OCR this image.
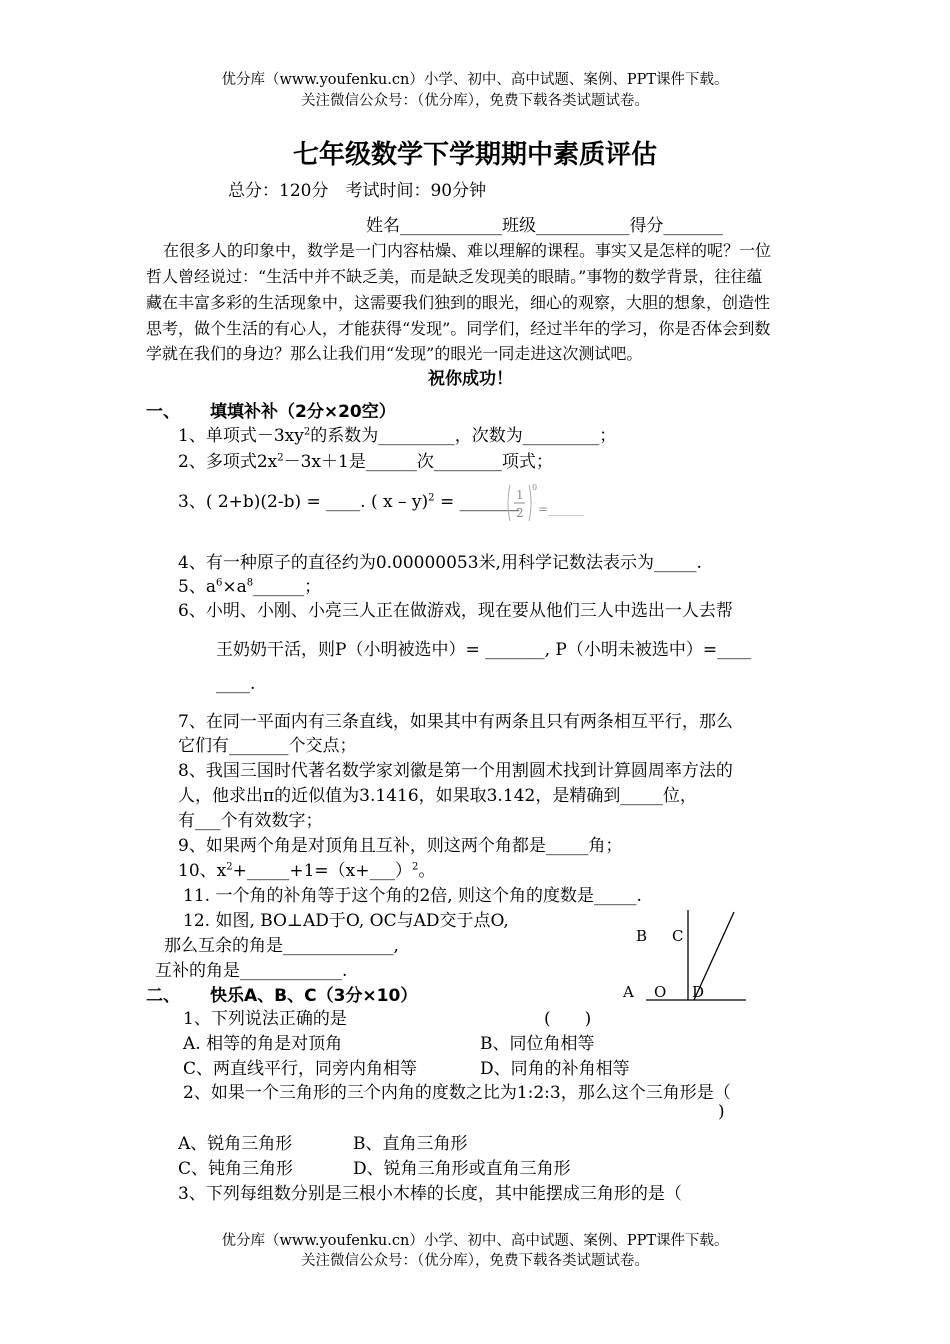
优分库（www.youfenku.cn）小学、初中、高中试题、案例、PPT课件下载。
关注微信公众号：（优分库），免费下载各类试题试卷。
七年级数学下学期期中素质评估
总分：120分　考试时间：90分钟
姓名____________班级___________得分_______
在很多人的印象中，数学是一门内容枯燥、难以理解的课程。事实又是怎样的呢？一位
哲人曾经说过：“生活中并不缺乏美，而是缺乏发现美的眼睛。”事物的数学背景，往往蕴
藏在丰富多彩的生活现象中，这需要我们独到的眼光，细心的观察，大胆的想象，创造性
思考，做个生活的有心人，才能获得“发现”。同学们，经过半年的学习，你是否体会到数
学就在我们的身边？那么让我们用“发现”的眼光一同走进这次测试吧。
祝你成功！
一、 填填补补（2分×20空）
1、单项式$-3xy^2$的系数为_________，次数为_________；
2、多项式$2x^2-3x+1$是______次________项式；
3、( 2+b)(2-b) = ____. ( x – y)$^2$ = _______
1
2
0
=______
4、有一种原子的直径约为0.00000053米,用科学记数法表示为_____.
5、$a^6\times a^8\_\_\_\_\_\_$；
6、小明、小刚、小亮三人正在做游戏，现在要从他们三人中选出一人去帮
王奶奶干活，则P（小明被选中）= _______, P（小明未被选中）=____
____.
7、在同一平面内有三条直线，如果其中有两条且只有两条相互平行，那么
它们有_______个交点；
8、我国三国时代著名数学家刘徽是第一个用割圆术找到计算圆周率方法的
人，他求出π的近似值为3.1416，如果取3.142，是精确到_____位，
有___个有效数字；
9、如果两个角是对顶角且互补，则这两个角都是_____角；
10、$x^2+\_\_\_\_\_+1=(x+\_\_\_)^2$。
11. 一个角的补角等于这个角的2倍, 则这个角的度数是_____.
12. 如图, BO⊥AD于O, OC与AD交于点O,
那么互余的角是_____________,
互补的角是____________.
B C
A O D
二、 快乐A、B、C（3分×10）
1、下列说法正确的是	(　　)
A. 相等的角是对顶角	B、同位角相等
C、两直线平行，同旁内角相等	D、同角的补角相等
2、如果一个三角形的三个内角的度数之比为1:2:3，那么这个三角形是（
)
A、锐角三角形	B、直角三角形
C、钝角三角形	D、锐角三角形或直角三角形
3、下列每组数分别是三根小木棒的长度，其中能摆成三角形的是（
优分库（www.youfenku.cn）小学、初中、高中试题、案例、PPT课件下载。
关注微信公众号：（优分库），免费下载各类试题试卷。
